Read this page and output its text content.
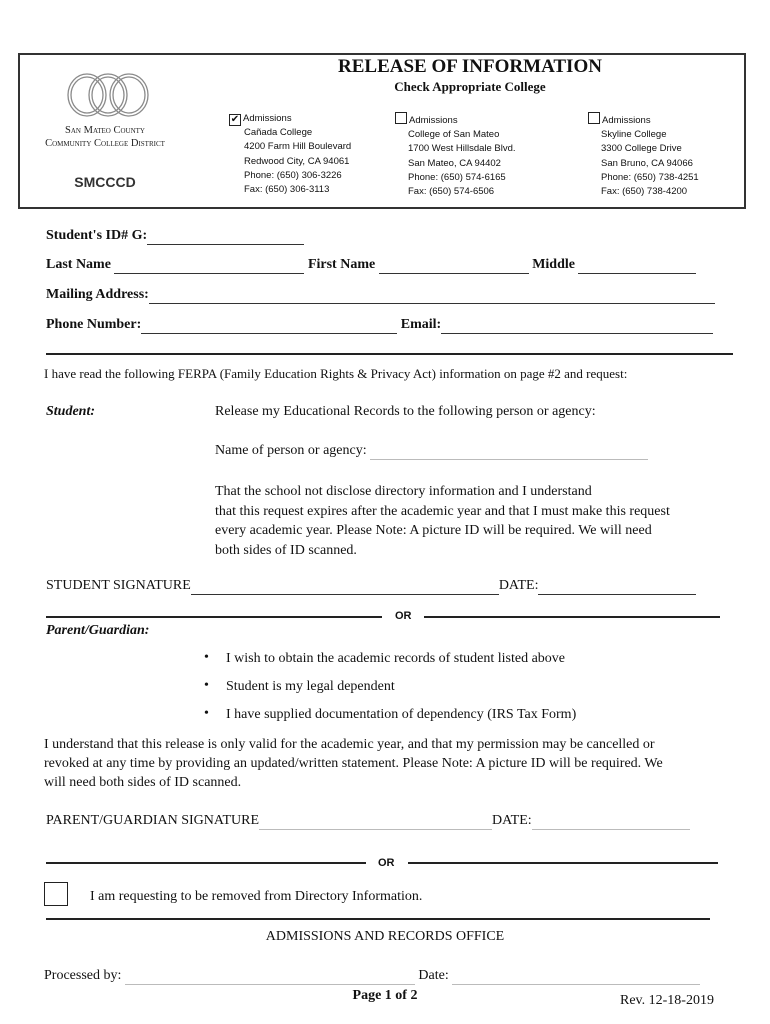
San Mateo County
Community College District
SMCCCD
RELEASE OF INFORMATION
Check Appropriate College
✔ Admissions
Cañada College
4200 Farm Hill Boulevard
Redwood City, CA 94061
Phone: (650) 306-3226
Fax: (650) 306-3113
Admissions
College of San Mateo
1700 West Hillsdale Blvd.
San Mateo, CA 94402
Phone: (650) 574-6165
Fax: (650) 574-6506
Admissions
Skyline College
3300 College Drive
San Bruno, CA 94066
Phone: (650) 738-4251
Fax: (650) 738-4200
Student's ID# G:
Last Name	First Name	Middle
Mailing Address:
Phone Number:	Email:
I have read the following FERPA (Family Education Rights & Privacy Act) information on page #2 and request:
Student:	Release my Educational Records to the following person or agency:
Name of person or agency:
That the school not disclose directory information and I understand
that this request expires after the academic year and that I must make this request
every academic year. Please Note: A picture ID will be required. We will need
both sides of ID scanned.
STUDENT SIGNATURE	DATE:
OR
Parent/Guardian:
• I wish to obtain the academic records of student listed above
• Student is my legal dependent
• I have supplied documentation of dependency (IRS Tax Form)
I understand that this release is only valid for the academic year, and that my permission may be cancelled or
revoked at any time by providing an updated/written statement. Please Note: A picture ID will be required. We
will need both sides of ID scanned.
PARENT/GUARDIAN SIGNATURE	DATE:
OR
I am requesting to be removed from Directory Information.
ADMISSIONS AND RECORDS OFFICE
Processed by:	Date:
Page 1 of 2	Rev. 12-18-2019
